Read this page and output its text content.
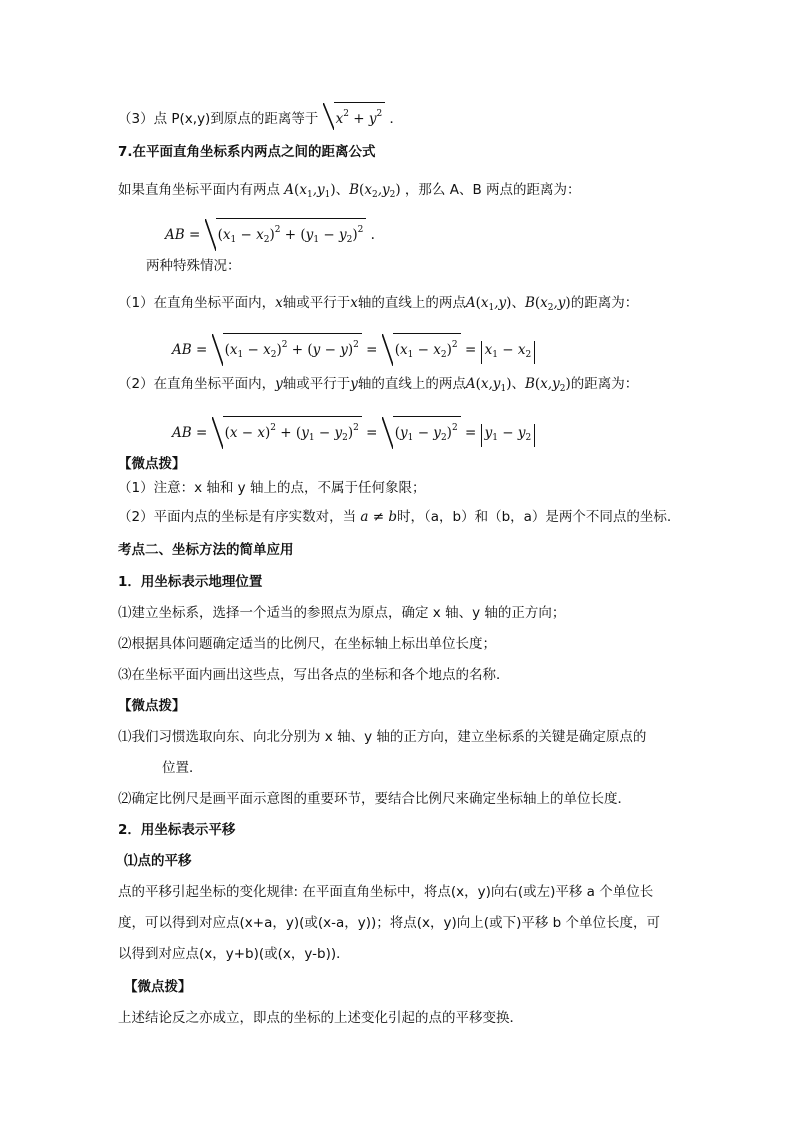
（3）点 P(x,y)到原点的距离等于 $x^2 + y^2$ ．
7.在平面直角坐标系内两点之间的距离公式
如果直角坐标平面内有两点 $A(x_1,y_1)$、$B(x_2,y_2)$ ，那么 A、B 两点的距离为：
AB = $(x_1 - x_2)^2 + (y_1 - y_2)^2$ .
两种特殊情况：
（1）在直角坐标平面内，x轴或平行于x轴的直线上的两点$A(x_1,y)$、$B(x_2,y)$的距离为：
AB = $(x_1 - x_2)^2 + (y - y)^2 = (x_1 - x_2)^2 = x_1 - x_2$
（2）在直角坐标平面内，y轴或平行于y轴的直线上的两点$A(x,y_1)$、$B(x,y_2)$的距离为：
AB = $(x - x)^2 + (y_1 - y_2)^2 = (y_1 - y_2)^2 = y_1 - y_2$
【微点拨】
（1）注意：x 轴和 y 轴上的点，不属于任何象限；
（2）平面内点的坐标是有序实数对，当 a ≠ b时，（a，b）和（b，a）是两个不同点的坐标.
考点二、坐标方法的简单应用
1．用坐标表示地理位置
⑴建立坐标系，选择一个适当的参照点为原点，确定 x 轴、y 轴的正方向；
⑵根据具体问题确定适当的比例尺，在坐标轴上标出单位长度；
⑶在坐标平面内画出这些点，写出各点的坐标和各个地点的名称．
【微点拨】
⑴我们习惯选取向东、向北分别为 x 轴、y 轴的正方向，建立坐标系的关键是确定原点的
位置．
⑵确定比例尺是画平面示意图的重要环节，要结合比例尺来确定坐标轴上的单位长度．
2．用坐标表示平移
⑴点的平移
点的平移引起坐标的变化规律: 在平面直角坐标中，将点(x，y)向右(或左)平移 a 个单位长
度，可以得到对应点(x+a，y)(或(x-a，y))；将点(x，y)向上(或下)平移 b 个单位长度，可
以得到对应点(x，y+b)(或(x，y-b))．
【微点拨】
上述结论反之亦成立，即点的坐标的上述变化引起的点的平移变换．
